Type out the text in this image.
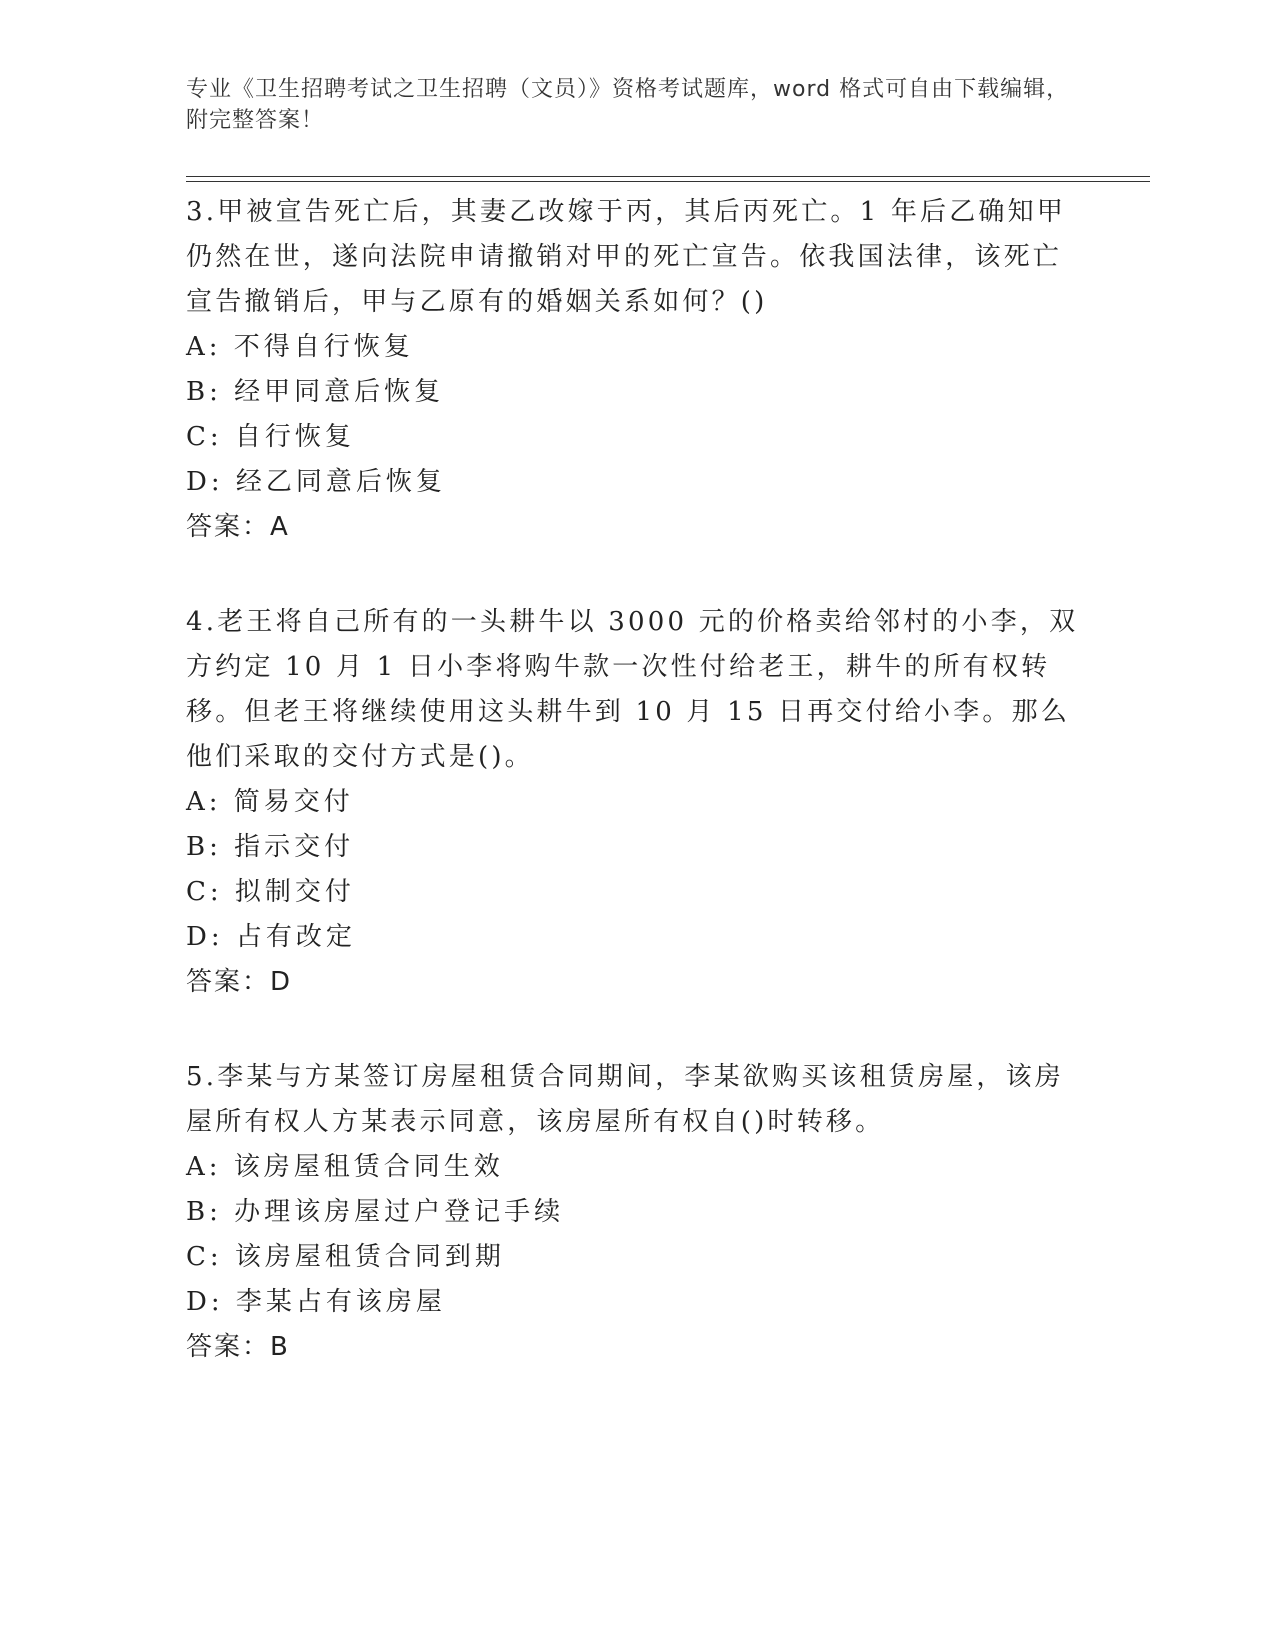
专业《卫生招聘考试之卫生招聘（文员）》资格考试题库，word 格式可自由下载编辑，附完整答案！

3.甲被宣告死亡后，其妻乙改嫁于丙，其后丙死亡。1 年后乙确知甲仍然在世，遂向法院申请撤销对甲的死亡宣告。依我国法律，该死亡宣告撤销后，甲与乙原有的婚姻关系如何？()

A: 不得自行恢复

B: 经甲同意后恢复

C: 自行恢复

D: 经乙同意后恢复

答案：A

4.老王将自己所有的一头耕牛以 3000 元的价格卖给邻村的小李，双方约定 10 月 1 日小李将购牛款一次性付给老王，耕牛的所有权转移。但老王将继续使用这头耕牛到 10 月 15 日再交付给小李。那么他们采取的交付方式是()。

A: 简易交付

B: 指示交付

C: 拟制交付

D: 占有改定

答案：D

5.李某与方某签订房屋租赁合同期间，李某欲购买该租赁房屋，该房屋所有权人方某表示同意，该房屋所有权自()时转移。

A: 该房屋租赁合同生效

B: 办理该房屋过户登记手续

C: 该房屋租赁合同到期

D: 李某占有该房屋

答案：B
